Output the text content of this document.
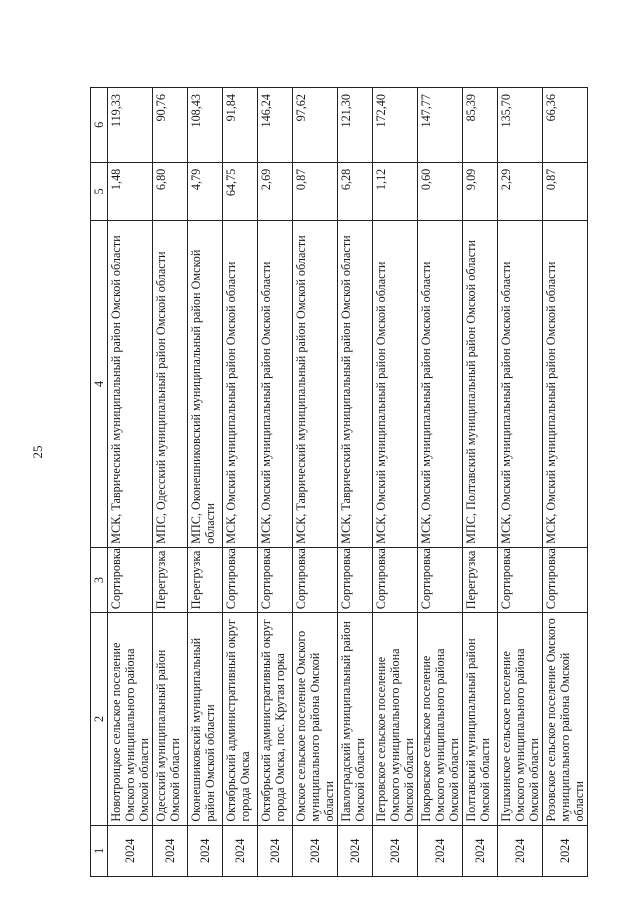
25
1	2	3	4	5	6
2024	Новотроицкое сельское поселение Омского муниципального района Омской области	Сортировка	МСК, Таврический муниципальный район Омской области	1,48	119,33
2024	Одесский муниципальный район Омской области	Перегрузка	МПС, Одесский муниципальный район Омской области	6,80	90,76
2024	Оконешниковский муниципальный район Омской области	Перегрузка	МПС, Оконешниковский муниципальный район Омской области	4,79	108,43
2024	Октябрьский административный округ города Омска	Сортировка	МСК, Омский муниципальный район Омской области	64,75	91,84
2024	Октябрьский административный округ города Омска, пос. Крутая горка	Сортировка	МСК, Омский муниципальный район Омской области	2,69	146,24
2024	Омское сельское поселение Омского муниципального района Омской области	Сортировка	МСК, Таврический муниципальный район Омской области	0,87	97,62
2024	Павлоградский муниципальный район Омской области	Сортировка	МСК, Таврический муниципальный район Омской области	6,28	121,30
2024	Петровское сельское поселение Омского муниципального района Омской области	Сортировка	МСК, Омский муниципальный район Омской области	1,12	172,40
2024	Покровское сельское поселение Омского муниципального района Омской области	Сортировка	МСК, Омский муниципальный район Омской области	0,60	147,77
2024	Полтавский муниципальный район Омской области	Перегрузка	МПС, Полтавский муниципальный район Омской области	9,09	85,39
2024	Пушкинское сельское поселение Омского муниципального района Омской области	Сортировка	МСК, Омский муниципальный район Омской области	2,29	135,70
2024	Розовское сельское поселение Омского муниципального района Омской области	Сортировка	МСК, Омский муниципальный район Омской области	0,87	66,36
